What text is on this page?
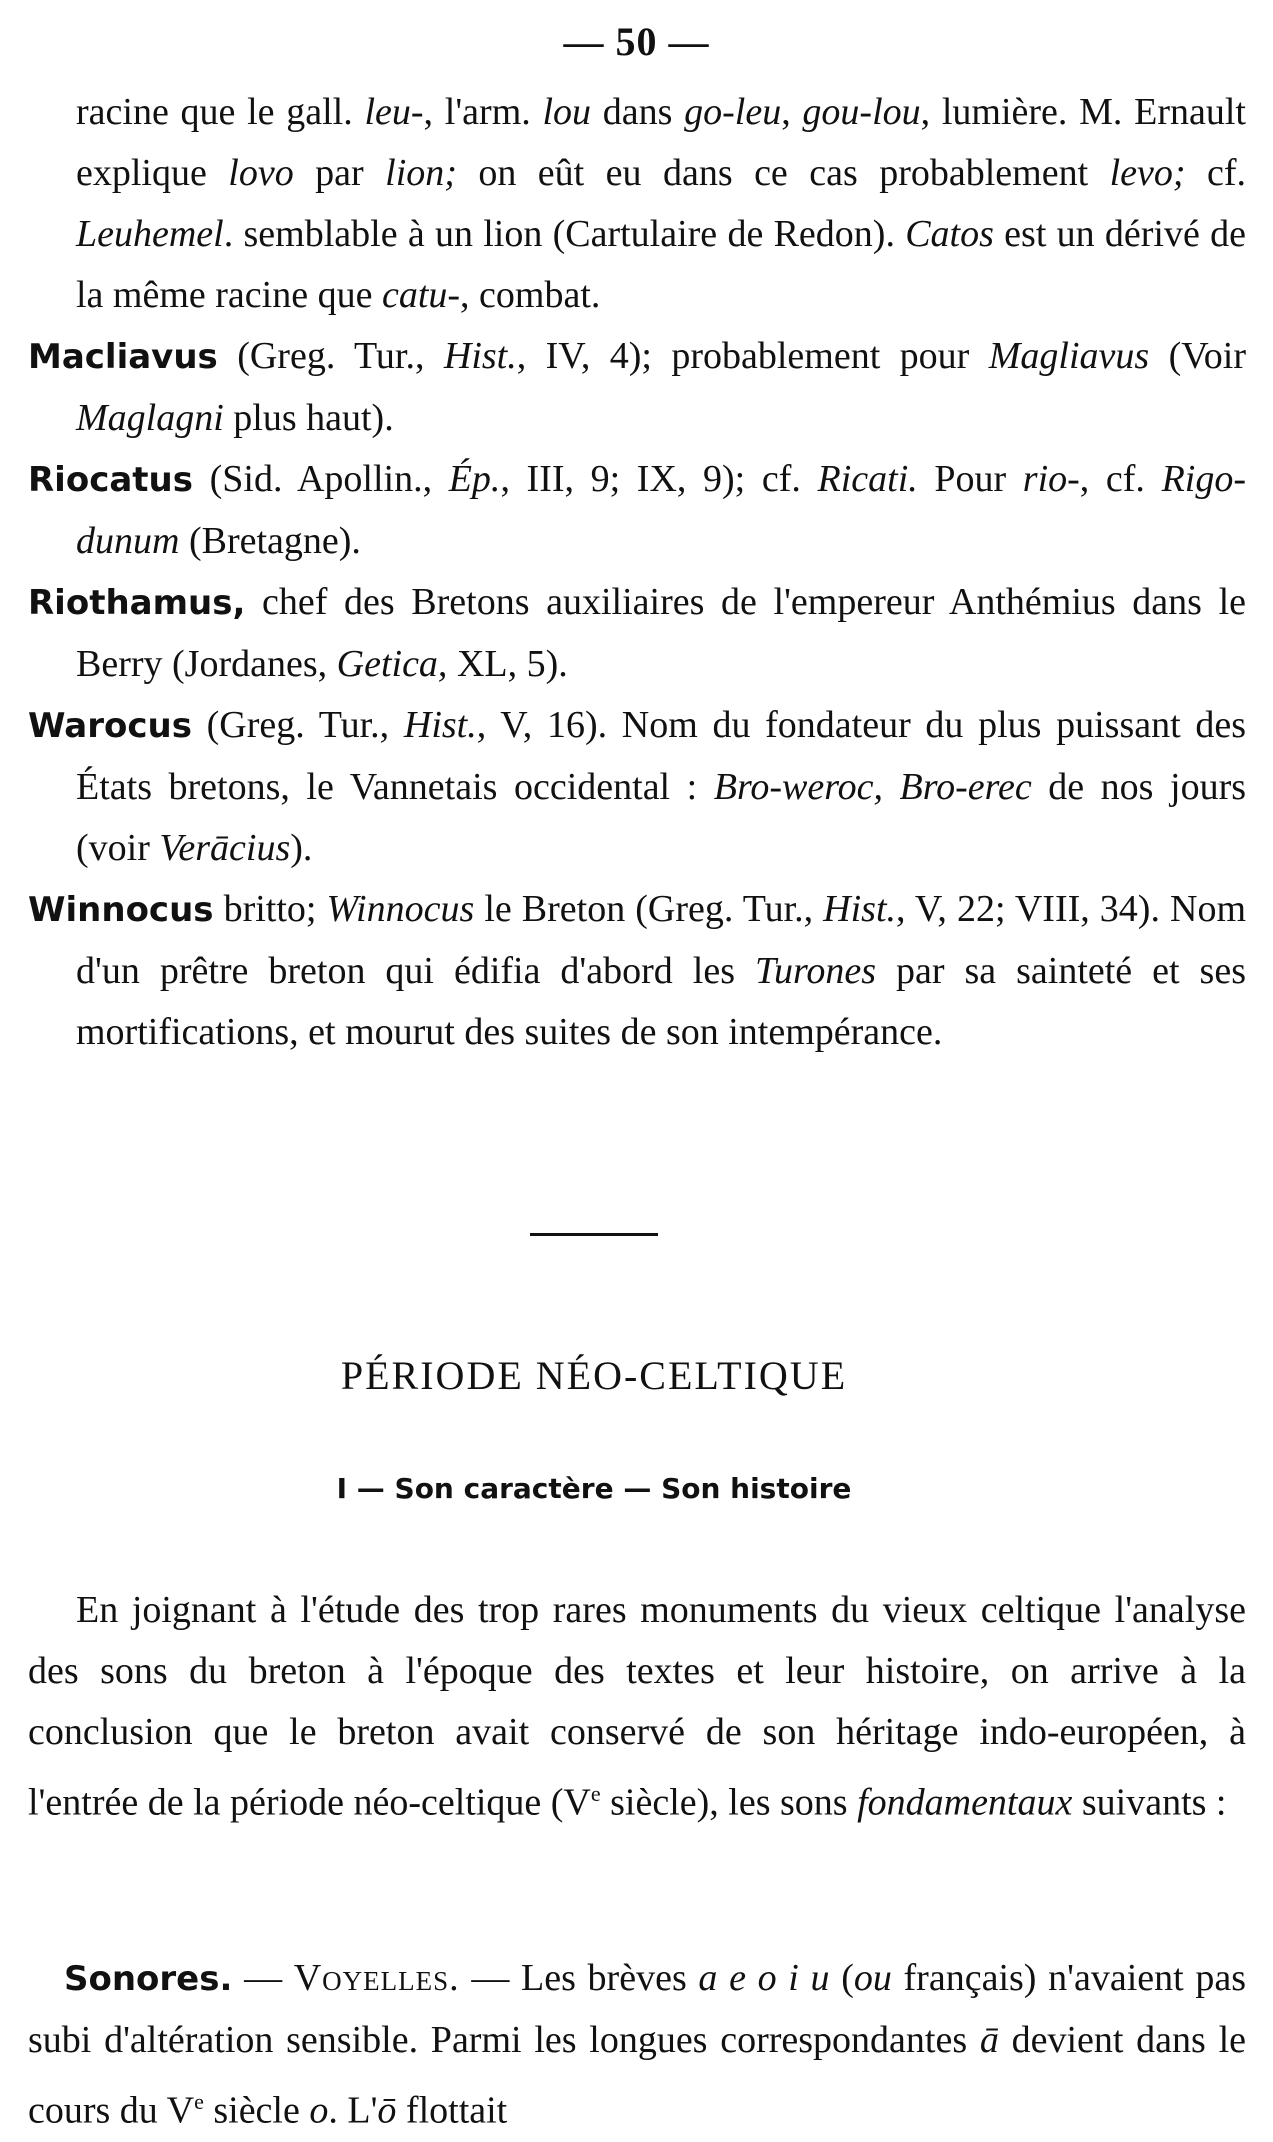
— 50 —

racine que le gall. leu-, l'arm. lou dans go-leu, gou-lou, lumière. M. Ernault explique lovo par lion; on eût eu dans ce cas probablement levo; cf. Leuhemel. semblable à un lion (Cartulaire de Redon). Catos est un dérivé de la même racine que catu-, combat.

Macliavus (Greg. Tur., Hist., IV, 4); probablement pour Magliavus (Voir Maglagni plus haut).

Riocatus (Sid. Apollin., Ép., III, 9; IX, 9); cf. Ricati. Pour rio-, cf. Rigo-dunum (Bretagne).

Riothamus, chef des Bretons auxiliaires de l'empereur Anthémius dans le Berry (Jordanes, Getica, XL, 5).

Warocus (Greg. Tur., Hist., V, 16). Nom du fondateur du plus puissant des États bretons, le Vannetais occidental : Bro-weroc, Bro-erec de nos jours (voir Verācius).

Winnocus britto; Winnocus le Breton (Greg. Tur., Hist., V, 22; VIII, 34). Nom d'un prêtre breton qui édifia d'abord les Turones par sa sainteté et ses mortifications, et mourut des suites de son intempérance.

PÉRIODE NÉO-CELTIQUE
I — Son caractère — Son histoire

En joignant à l'étude des trop rares monuments du vieux celtique l'analyse des sons du breton à l'époque des textes et leur histoire, on arrive à la conclusion que le breton avait conservé de son héritage indo-européen, à l'entrée de la période néo-celtique (Ve siècle), les sons fondamentaux suivants :

Sonores. — Voyelles. — Les brèves a e o i u (ou français) n'avaient pas subi d'altération sensible. Parmi les longues correspondantes ā devient dans le cours du Ve siècle o. L'ō flottait
